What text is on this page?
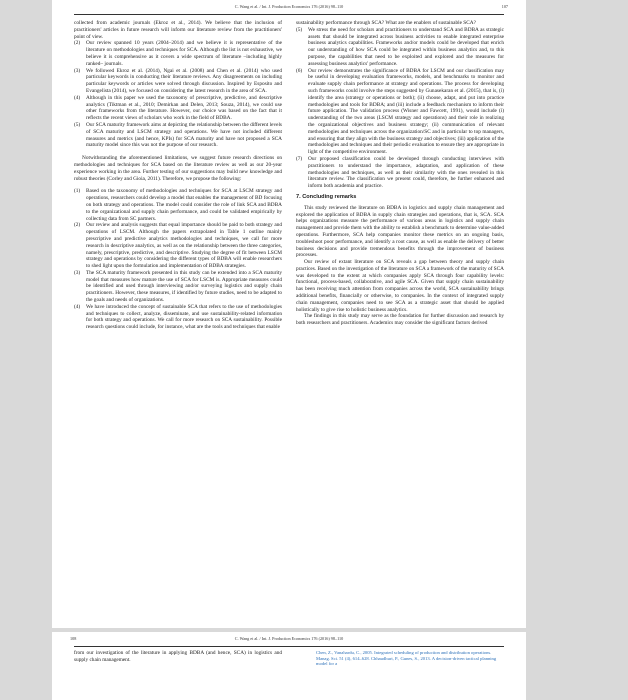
C. Wang et al. / Int. J. Production Economics 176 (2016) 98–110	107

collected from academic journals (Ekroz et al., 2014). We believe that the inclusion of practitioners' articles in future research will inform our literature review from the practitioners' point of view.

(2) Our review spanned 10 years (2004–2014) and we believe it is representative of the literature on methodologies and techniques for SCA. Although the list is not exhaustive, we believe it is comprehensive as it covers a wide spectrum of literature –including highly ranked– journals.
(3) We followed Ekroz et al. (2014), Ngai et al. (2008) and Chen et al. (2014) who used particular keywords in conducting their literature reviews. Any disagreements on including particular keywords or articles were solved through discussion. Inspired by Esposito and Evangelista (2014), we focused on considering the latest research in the area of SCA.
(4) Although in this paper we used the taxonomy of prescriptive, predictive, and descriptive analytics (Tiktman et al., 2010; Demirkan and Delen, 2013; Souza, 2014), we could use other frameworks from the literature. However, our choice was based on the fact that it reflects the recent views of scholars who work in the field of BDBA.
(5) Our SCA maturity framework aims at depicting the relationship between the different levels of SCA maturity and LSCM strategy and operations. We have not included different measures and metrics (and hence, KPIs) for SCA maturity and have not proposed a SCA maturity model since this was not the purpose of our research.

Notwithstanding the aforementioned limitations, we suggest future research directions on methodologies and techniques for SCA based on the literature review as well as our 20-year experience working in the area. Further testing of our suggestions may build new knowledge and robust theories (Corley and Gioia, 2011). Therefore, we propose the following:

(1) Based on the taxonomy of methodologies and techniques for SCA at LSCM strategy and operations, researchers could develop a model that enables the management of BD focusing on both strategy and operations. The model could consider the role of link SCA and BDBA to the organizational and supply chain performance, and could be validated empirically by collecting data from SC partners.
(2) Our review and analysis suggests that equal importance should be paid to both strategy and operations of LSCM. Although the papers extrapolated in Table 1 outline mainly prescriptive and predictive analytics methodologies and techniques, we call for more research in descriptive analytics, as well as on the relationship between the three categories, namely, prescriptive, predictive, and descriptive. Studying the degree of fit between LSCM strategy and operations by considering the different types of BDBA will enable researchers to shed light upon the formulation and implementation of BDBA strategies.
(3) The SCA maturity framework presented in this study can be extended into a SCA maturity model that measures how mature the use of SCA for LSCM is. Appropriate measures could be identified and used through interviewing and/or surveying logistics and supply chain practitioners. However, these measures, if identified by future studies, need to be adapted to the goals and needs of organizations.
(4) We have introduced the concept of sustainable SCA that refers to the use of methodologies and techniques to collect, analyze, disseminate, and use sustainability-related information for both strategy and operations. We call for more research on SCA sustainability. Possible research questions could include, for instance, what are the tools and techniques that enable

sustainability performance through SCA? What are the enablers of sustainable SCA?

(5) We stress the need for scholars and practitioners to understand SCA and BDBA as strategic assets that should be integrated across business activities to enable integrated enterprise business analytics capabilities. Frameworks and/or models could be developed that enrich our understanding of how SCA could be integrated within business analytics and, to this purpose, the capabilities that need to be exploited and explored and the measures for assessing business analytics' performance.
(6) Our review demonstrates the significance of BDBA for LSCM and our classification may be useful in developing evaluation frameworks, models, and benchmarks to monitor and evaluate supply chain performance at strategy and operations. The process for developing such frameworks could involve the steps suggested by Gunasekaran et al. (2015), that is, (i) identify the area (strategy or operations or both); (ii) choose, adapt, and put into practice methodologies and tools for BDBA; and (iii) include a feedback mechanism to inform their future application. The validation process (Wisner and Fawcett, 1991), would include (i) understanding of the two areas (LSCM strategy and operations) and their role in realizing the organizational objectives and business strategy; (ii) communication of relevant methodologies and techniques across the organization/SC and in particular to top managers, and ensuring that they align with the business strategy and objectives; (iii) application of the methodologies and techniques and their periodic evaluation to ensure they are appropriate in light of the competitive environment.
(7) Our proposed classification could be developed through conducting interviews with practitioners to understand the importance, adaptation, and application of these methodologies and techniques, as well as their similarity with the ones revealed in this literature review. The classification we present could, therefore, be further enhanced and inform both academia and practice.
7. Concluding remarks

This study reviewed the literature on BDBA in logistics and supply chain management and explored the application of BDBA in supply chain strategies and operations, that is, SCA. SCA helps organizations measure the performance of various areas in logistics and supply chain management and provide them with the ability to establish a benchmark to determine value-added operations. Furthermore, SCA help companies monitor these metrics on an ongoing basis, troubleshoot poor performance, and identify a root cause, as well as enable the delivery of better business decisions and provide tremendous benefits through the improvement of business processes.

Our review of extant literature on SCA reveals a gap between theory and supply chain practices. Based on the investigation of the literature on SCA a framework of the maturity of SCA was developed to the extent at which companies apply SCA through four capability levels: functional, process-based, collaborative, and agile SCA. Given that supply chain sustainability has been receiving much attention from companies across the world, SCA sustainability brings additional benefits, financially or otherwise, to companies. In the context of integrated supply chain management, companies need to see SCA as a strategic asset that should be applied holistically to give rise to holistic business analytics.

The findings in this study may serve as the foundation for further discussion and research by both researchers and practitioners. Academics may consider the significant factors derived

C. Wang et al. / Int. J. Production Economics 176 (2016) 98–110
108

from our investigation of the literature in applying BDBA (and hence, SCA) in logistics and supply chain management.

Chen, Z., Vanahardu, C., 2005. Integrated scheduling of production and distribution operations. Manag. Sci. 51 (4), 614–628. Chhaudhuri, P., Gunes, S., 2013. A decision-driven tactical planning model for a
